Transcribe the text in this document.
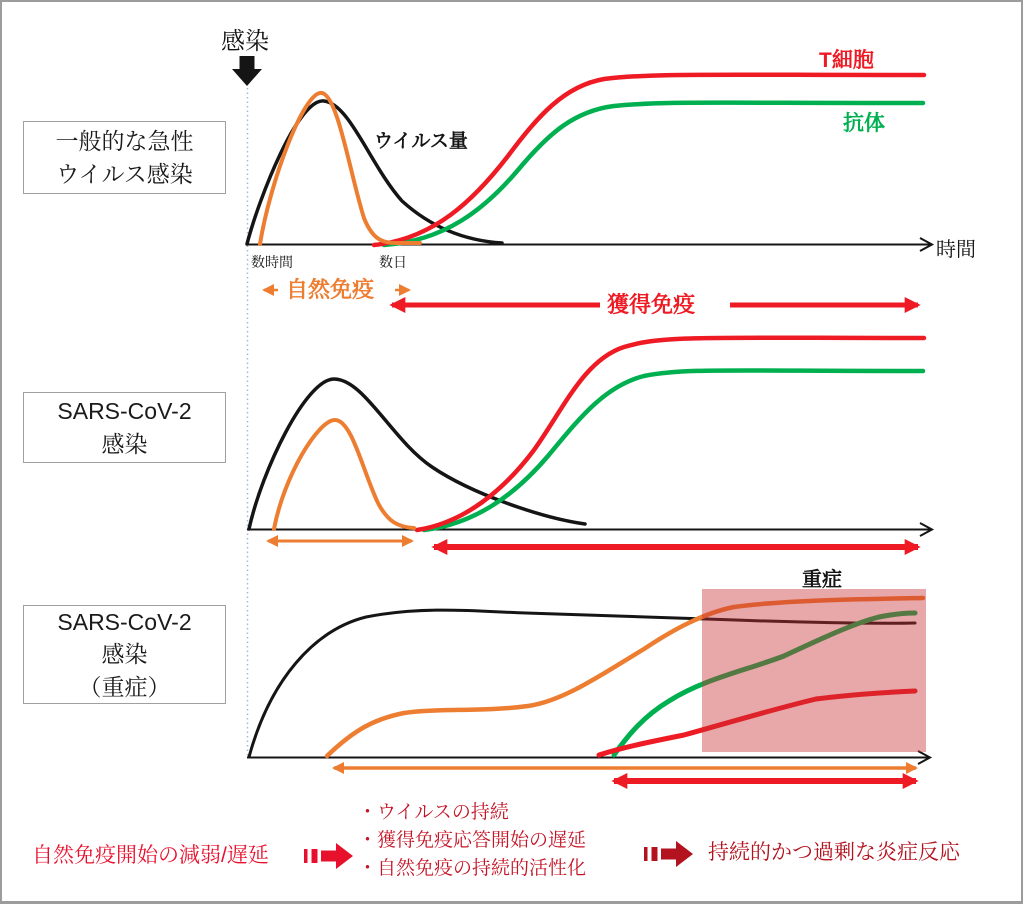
感染
一般的な急性
ウイルス感染
SARS-CoV-2
感染
SARS-CoV-2
感染
（重症）
ウイルス量
T細胞
抗体
時間
数時間	数日
自然免疫
獲得免疫
重症
自然免疫開始の減弱/遅延
・ウイルスの持続
・獲得免疫応答開始の遅延
・自然免疫の持続的活性化
持続的かつ過剰な炎症反応
